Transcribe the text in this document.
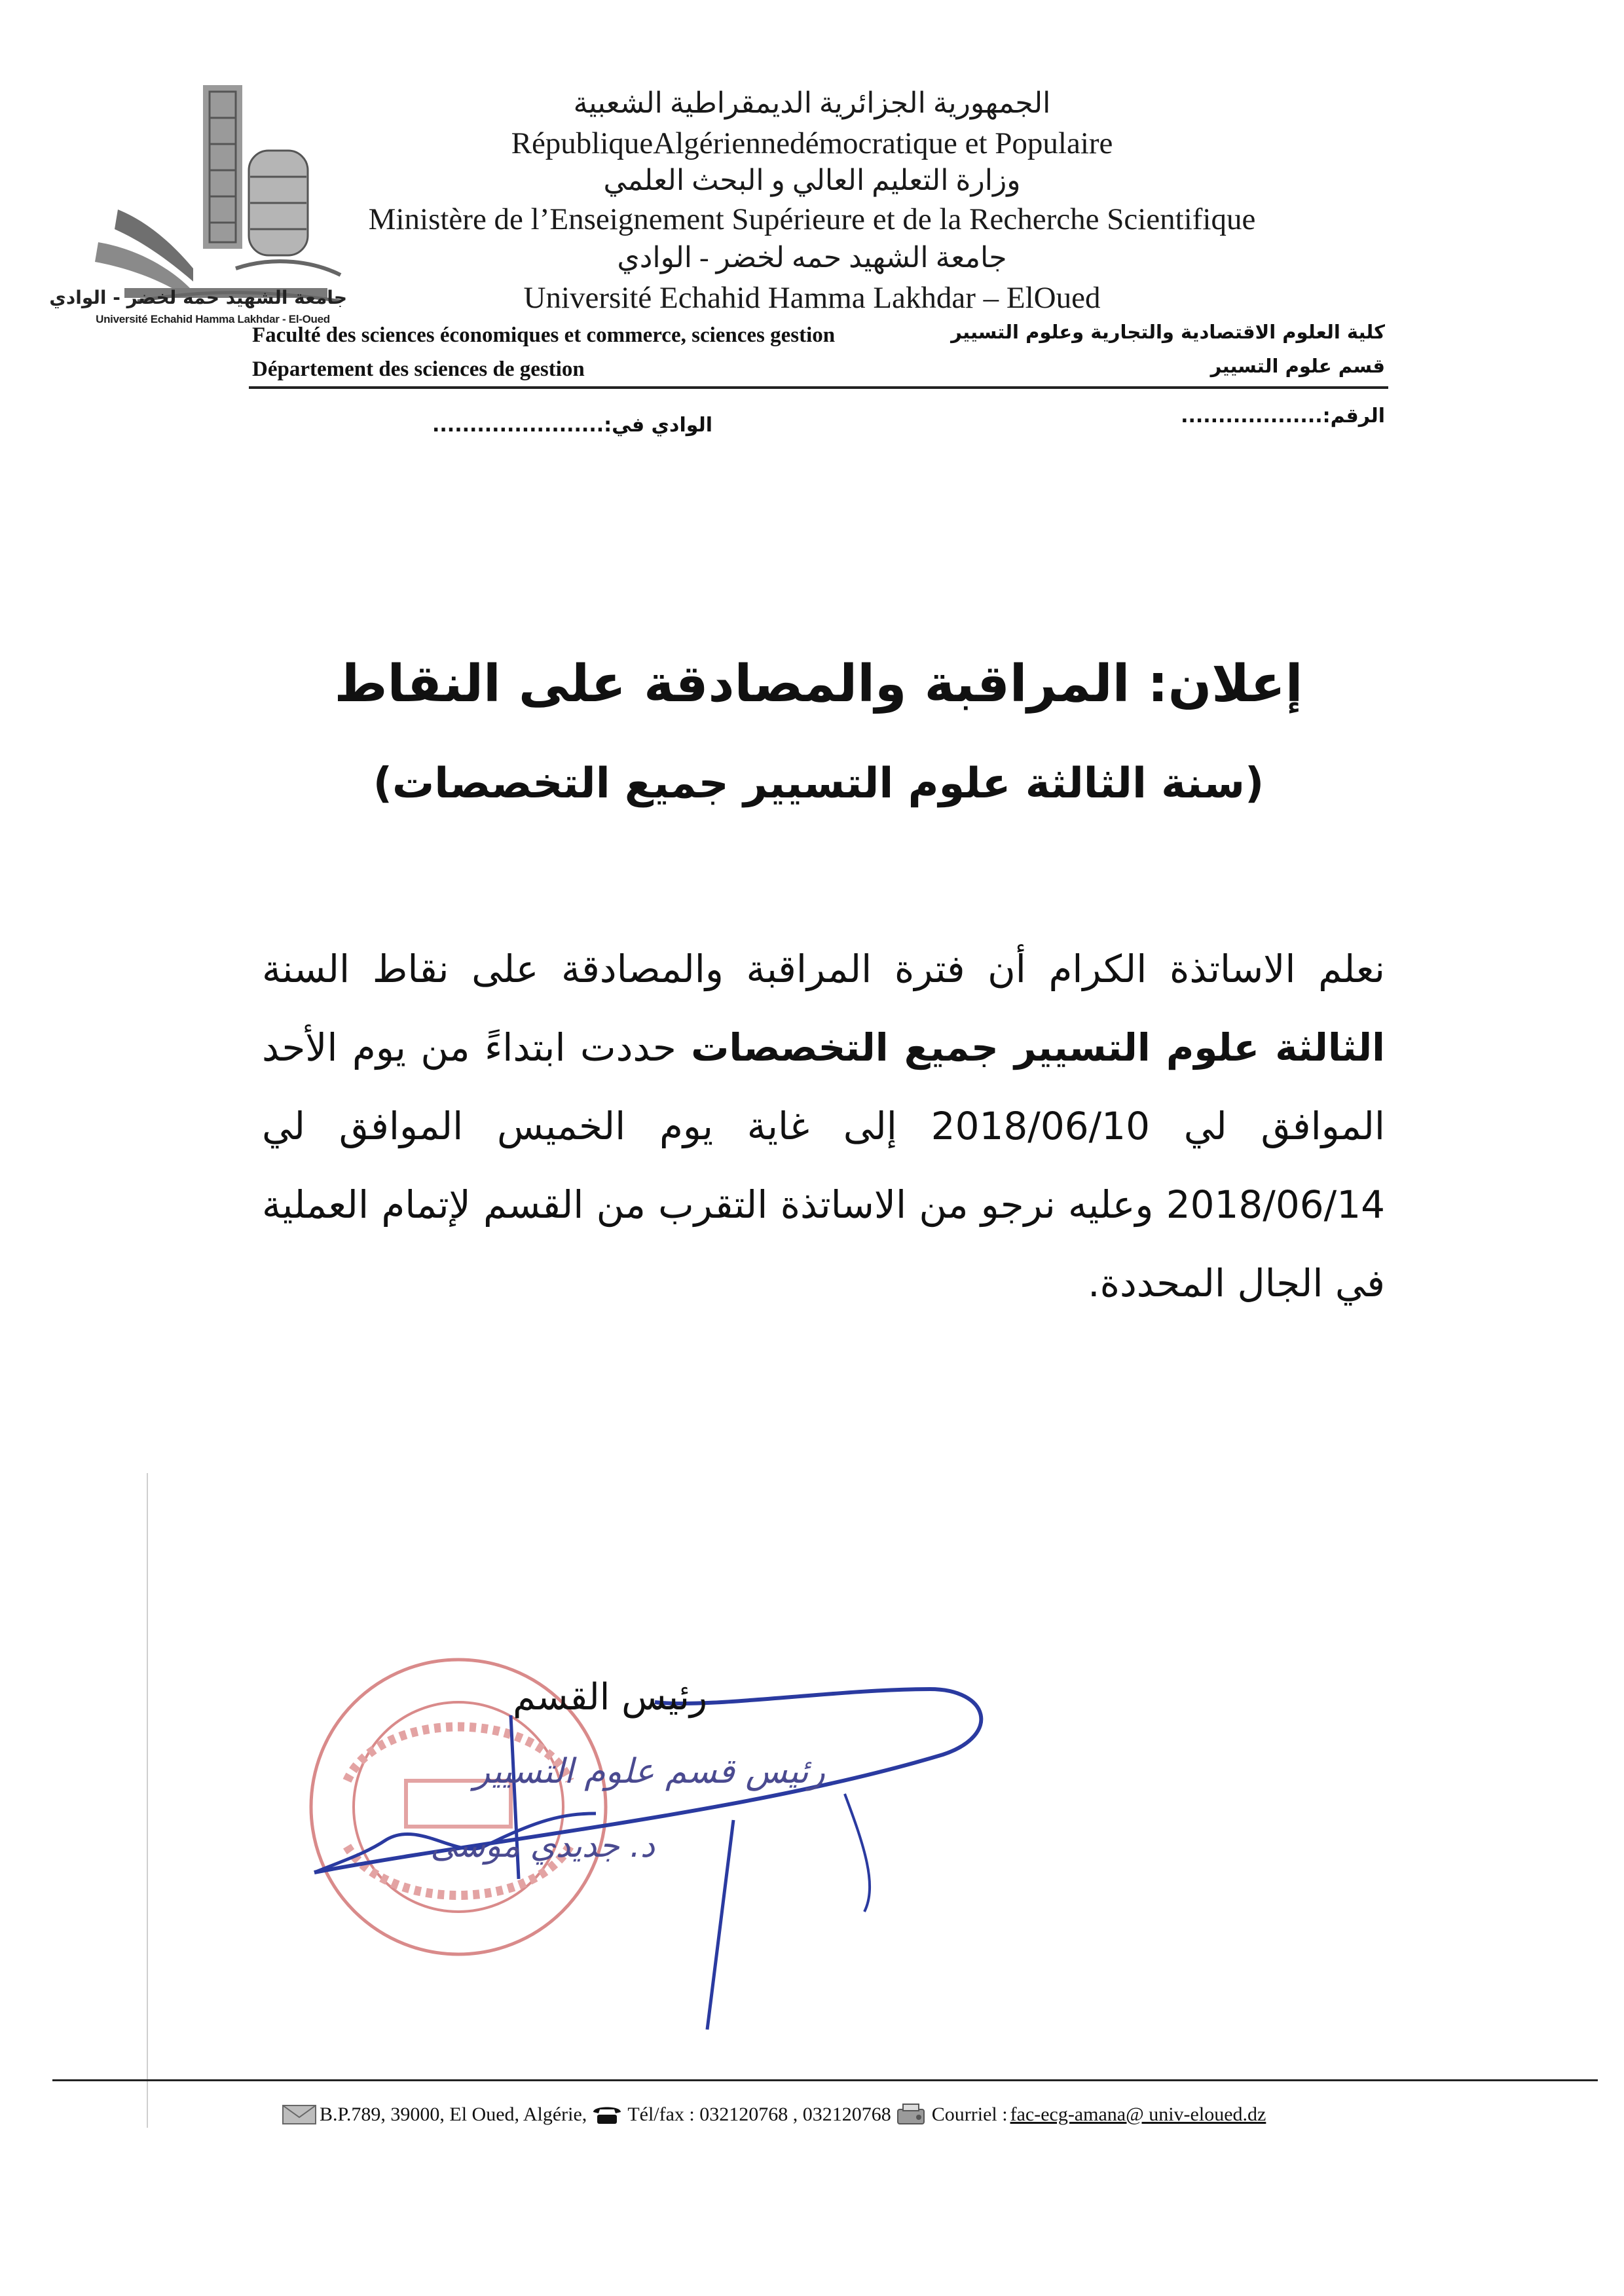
جامعة الشهيد حمه لخضر - الوادي
Université Echahid Hamma Lakhdar - El-Oued
الجمهورية الجزائرية الديمقراطية الشعبية
RépubliqueAlgériennedémocratique et Populaire
وزارة التعليم العالي و البحث العلمي
Ministère de l’Enseignement Supérieure et de la Recherche Scientifique
جامعة الشهيد حمه لخضر - الوادي
Université Echahid Hamma Lakhdar – ElOued
Faculté des sciences économiques et commerce, sciences gestion
Département des sciences de gestion
كلية العلوم الاقتصادية والتجارية وعلوم التسيير
قسم علوم التسيير
الرقم:...................
الوادي في:.......................
إعلان: المراقبة والمصادقة على النقاط
(سنة الثالثة علوم التسيير جميع التخصصات)
نعلم الاساتذة الكرام أن فترة المراقبة والمصادقة على نقاط السنة
الثالثة علوم التسيير جميع التخصصات حددت ابتداءً من يوم الأحد
الموافق لي 2018/06/10 إلى غاية يوم الخميس الموافق لي
2018/06/14 وعليه نرجو من الاساتذة التقرب من القسم لإتمام العملية
في الجال المحددة.
رئيس القسم
رئيس قسم علوم التسيير
د. جديدي موسى
B.P.789, 39000, El Oued, Algérie, Tél/fax : 032120768 , 032120768 Courriel : fac-ecg-amana@ univ-eloued.dz
